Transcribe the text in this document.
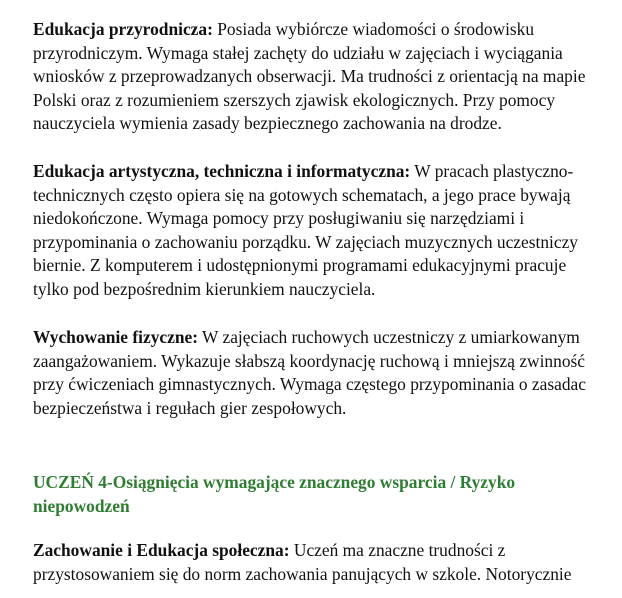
Edukacja przyrodnicza: Posiada wybiórcze wiadomości o środowisku
przyrodniczym. Wymaga stałej zachęty do udziału w zajęciach i wyciągania
wniosków z przeprowadzanych obserwacji. Ma trudności z orientacją na mapie
Polski oraz z rozumieniem szerszych zjawisk ekologicznych. Przy pomocy
nauczyciela wymienia zasady bezpiecznego zachowania na drodze.
Edukacja artystyczna, techniczna i informatyczna: W pracach plastyczno-
technicznych często opiera się na gotowych schematach, a jego prace bywają
niedokończone. Wymaga pomocy przy posługiwaniu się narzędziami i
przypominania o zachowaniu porządku. W zajęciach muzycznych uczestniczy
biernie. Z komputerem i udostępnionymi programami edukacyjnymi pracuje
tylko pod bezpośrednim kierunkiem nauczyciela.
Wychowanie fizyczne: W zajęciach ruchowych uczestniczy z umiarkowanym
zaangażowaniem. Wykazuje słabszą koordynację ruchową i mniejszą zwinność
przy ćwiczeniach gimnastycznych. Wymaga częstego przypominania o zasadac
bezpieczeństwa i regułach gier zespołowych.
UCZEŃ 4-Osiągnięcia wymagające znacznego wsparcia / Ryzyko
niepowodzeń
Zachowanie i Edukacja społeczna: Uczeń ma znaczne trudności z
przystosowaniem się do norm zachowania panujących w szkole. Notorycznie
